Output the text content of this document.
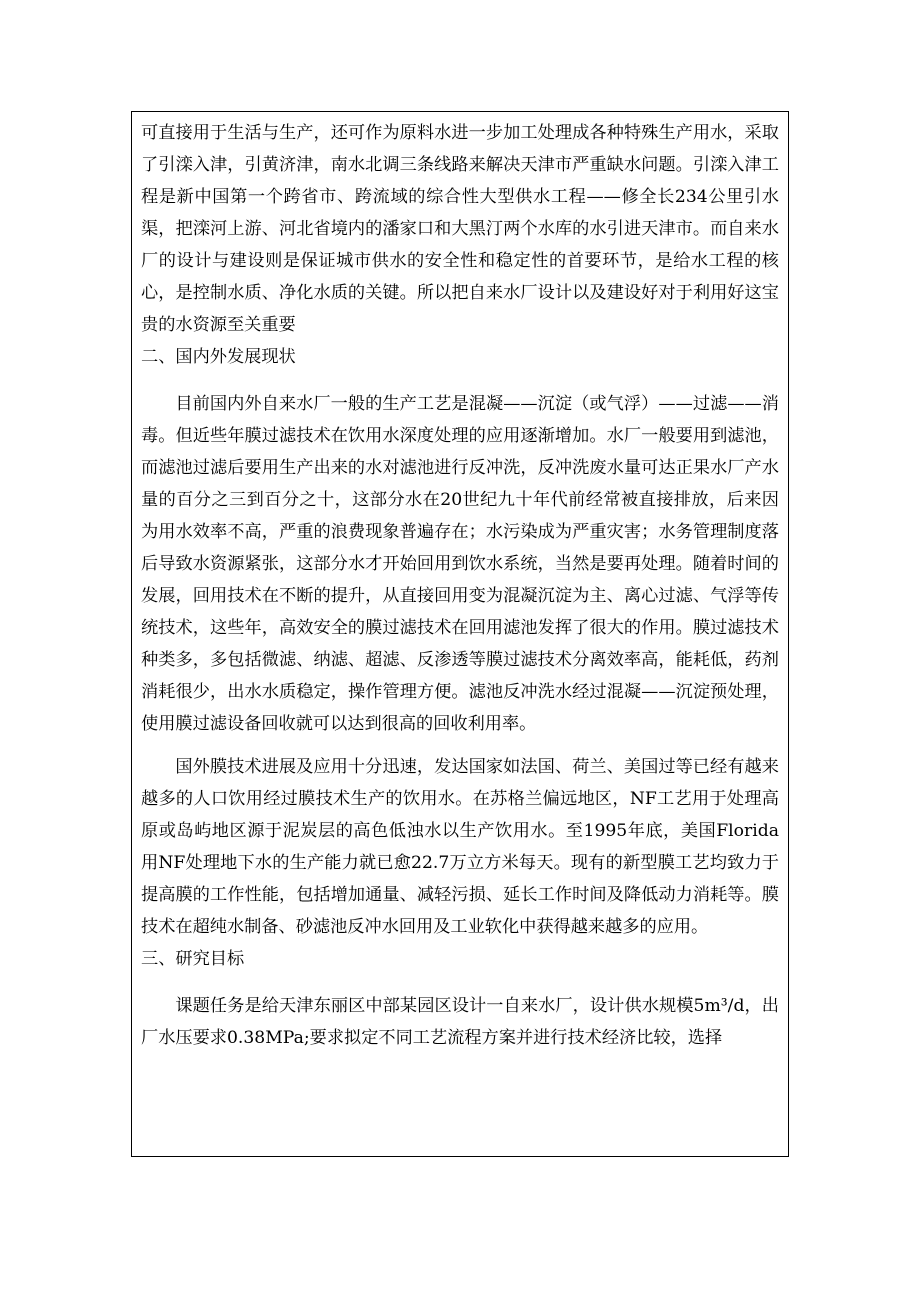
可直接用于生活与生产，还可作为原料水进一步加工处理成各种特殊生产用水，采取了引滦入津，引黄济津，南水北调三条线路来解决天津市严重缺水问题。引滦入津工程是新中国第一个跨省市、跨流域的综合性大型供水工程——修全长234公里引水渠，把滦河上游、河北省境内的潘家口和大黑汀两个水库的水引进天津市。而自来水厂的设计与建设则是保证城市供水的安全性和稳定性的首要环节，是给水工程的核心，是控制水质、净化水质的关键。所以把自来水厂设计以及建设好对于利用好这宝贵的水资源至关重要

二、国内外发展现状

目前国内外自来水厂一般的生产工艺是混凝——沉淀（或气浮）——过滤——消毒。但近些年膜过滤技术在饮用水深度处理的应用逐渐增加。水厂一般要用到滤池，而滤池过滤后要用生产出来的水对滤池进行反冲洗，反冲洗废水量可达正果水厂产水量的百分之三到百分之十，这部分水在20世纪九十年代前经常被直接排放，后来因为用水效率不高，严重的浪费现象普遍存在；水污染成为严重灾害；水务管理制度落后导致水资源紧张，这部分水才开始回用到饮水系统，当然是要再处理。随着时间的发展，回用技术在不断的提升，从直接回用变为混凝沉淀为主、离心过滤、气浮等传统技术，这些年，高效安全的膜过滤技术在回用滤池发挥了很大的作用。膜过滤技术种类多，多包括微滤、纳滤、超滤、反渗透等膜过滤技术分离效率高，能耗低，药剂消耗很少，出水水质稳定，操作管理方便。滤池反冲洗水经过混凝——沉淀预处理，使用膜过滤设备回收就可以达到很高的回收利用率。

国外膜技术进展及应用十分迅速，发达国家如法国、荷兰、美国过等已经有越来越多的人口饮用经过膜技术生产的饮用水。在苏格兰偏远地区，NF工艺用于处理高原或岛屿地区源于泥炭层的高色低浊水以生产饮用水。至1995年底，美国Florida用NF处理地下水的生产能力就已愈22.7万立方米每天。现有的新型膜工艺均致力于提高膜的工作性能，包括增加通量、减轻污损、延长工作时间及降低动力消耗等。膜技术在超纯水制备、砂滤池反冲水回用及工业软化中获得越来越多的应用。

三、研究目标

课题任务是给天津东丽区中部某园区设计一自来水厂，设计供水规模5m³/d，出厂水压要求0.38MPa;要求拟定不同工艺流程方案并进行技术经济比较，选择
